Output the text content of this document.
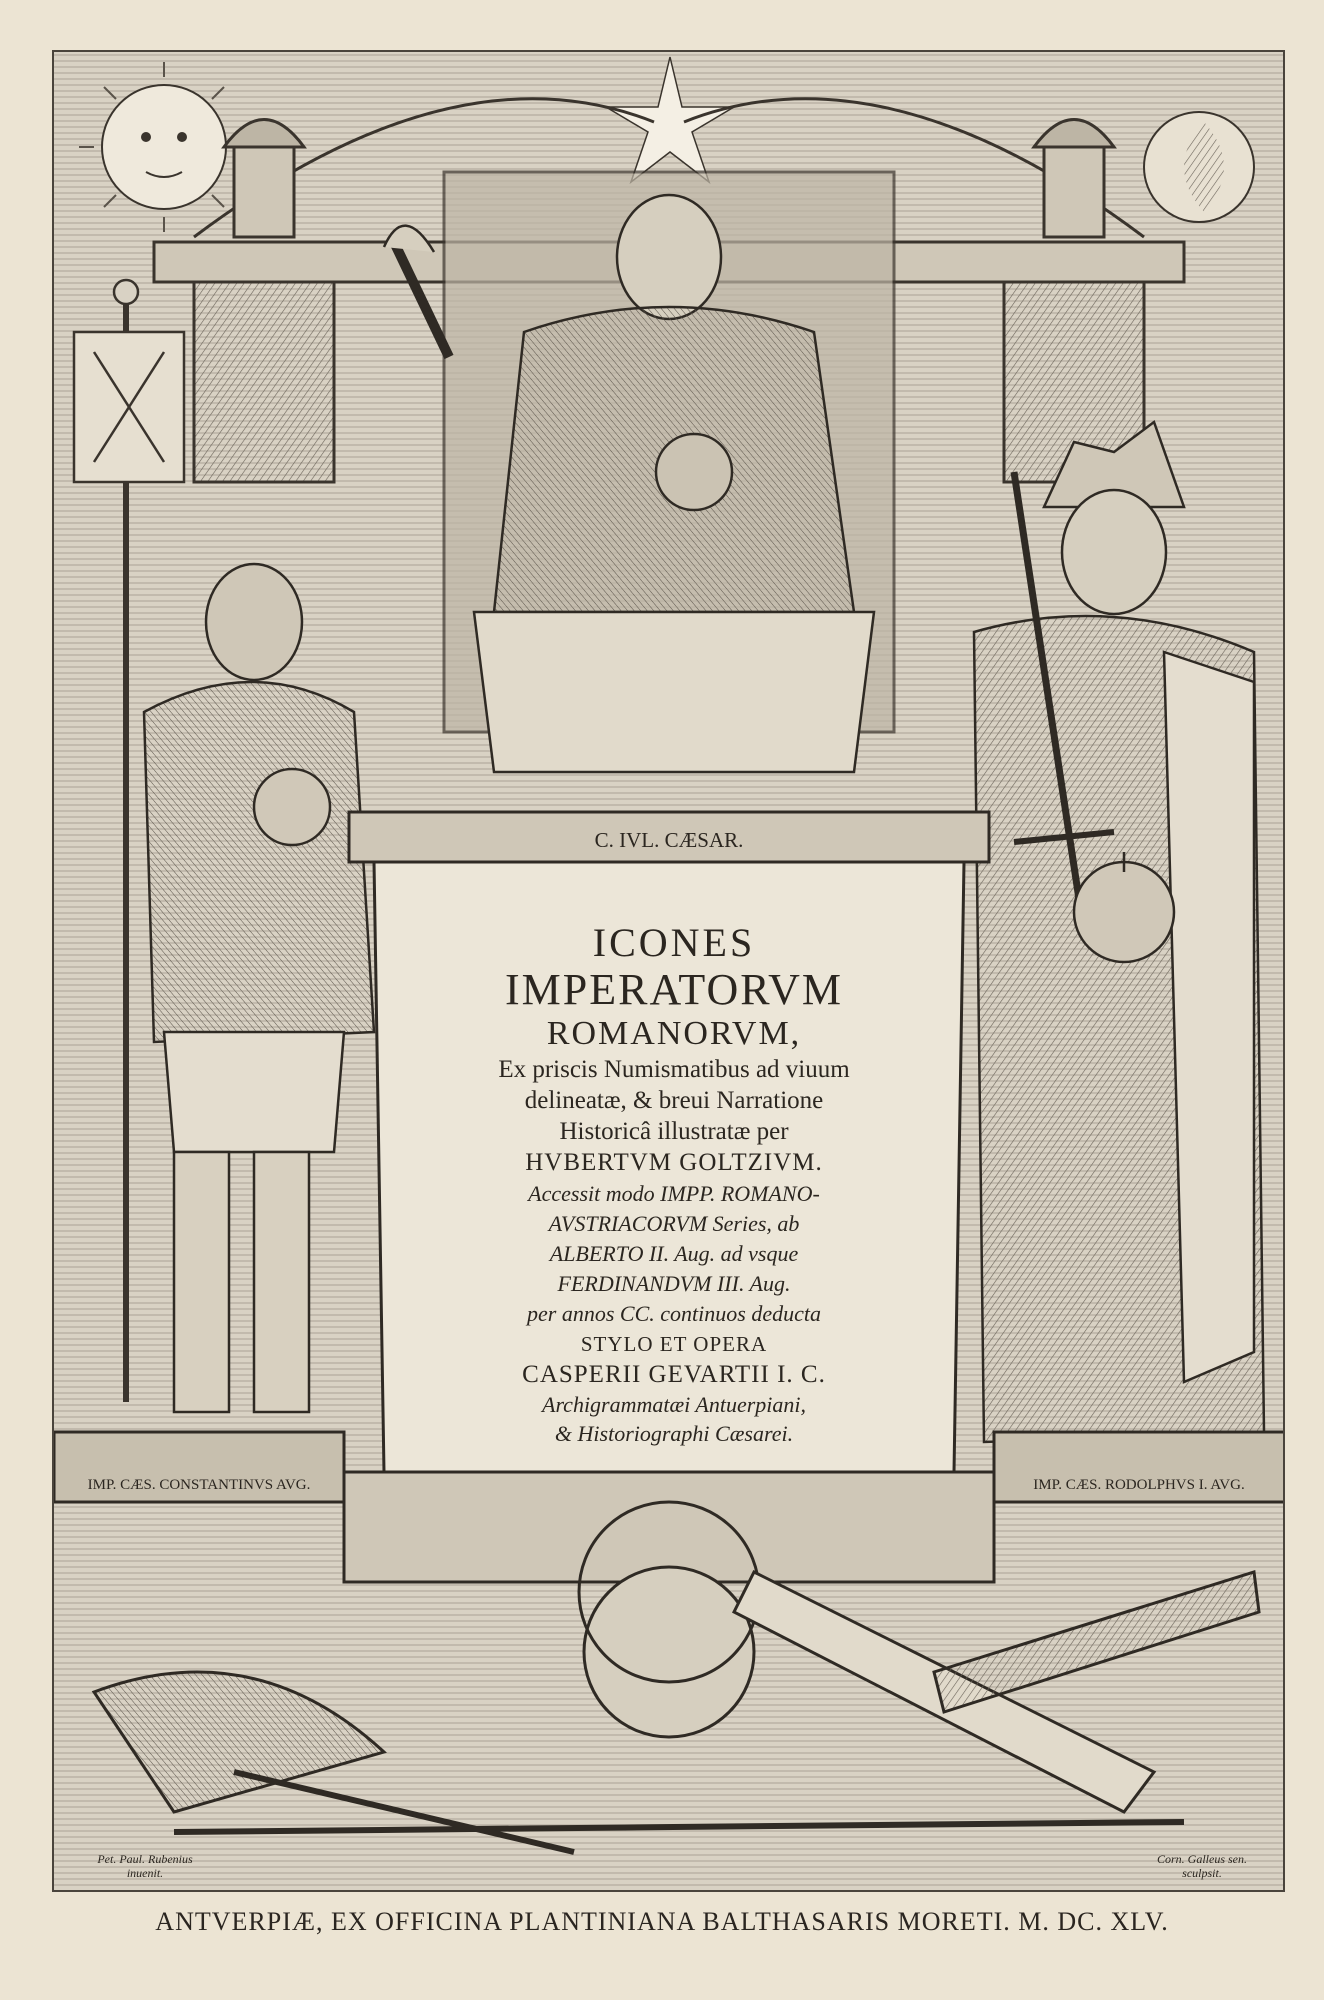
C. IVL. CÆSAR.
IMP. CÆS. CONSTANTINVS AVG.	IMP. CÆS. RODOLPHVS I. AVG.
ICONES
IMPERATORVM
ROMANORVM,
Ex priscis Numismatibus ad viuum
delineatæ, & breui Narratione
Historicâ illustratæ per
HVBERTVM GOLTZIVM.
Accessit modo IMPP. ROMANO-
AVSTRIACORVM Series, ab
ALBERTO II. Aug. ad vsque
FERDINANDVM III. Aug.
per annos CC. continuos deducta
STYLO ET OPERA
CASPERII GEVARTII I. C.
Archigrammatæi Antuerpiani,
& Historiographi Cæsarei.
Pet. Paul. Rubenius
inuenit.
Corn. Galleus sen.
sculpsit.
ANTVERPIÆ, EX OFFICINA PLANTINIANA BALTHASARIS MORETI. M. DC. XLV.
